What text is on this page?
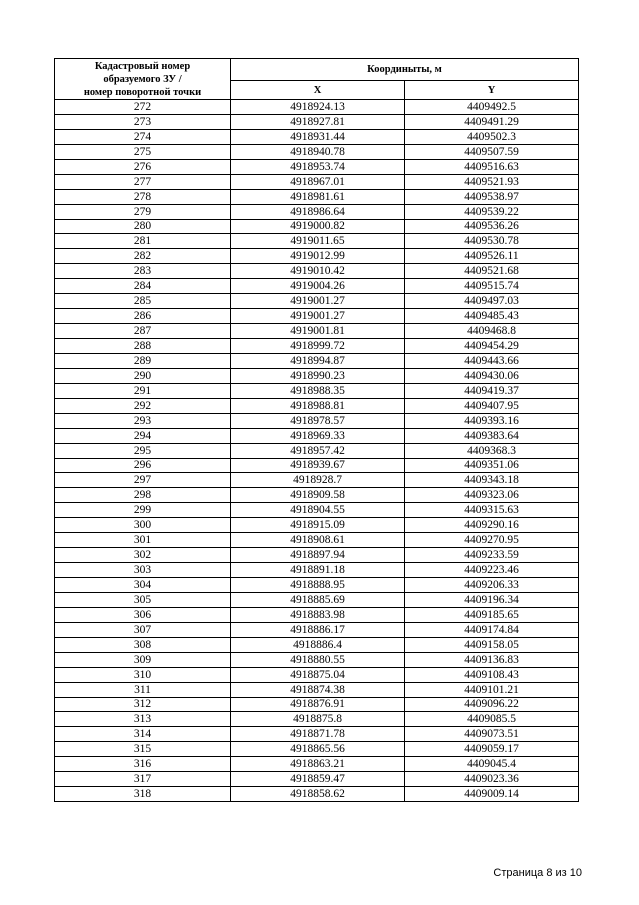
Кадастровый номер
образуемого ЗУ /
номер поворотной точки	Координыты, м	
	X	Y
272	4918924.13	4409492.5
273	4918927.81	4409491.29
274	4918931.44	4409502.3
275	4918940.78	4409507.59
276	4918953.74	4409516.63
277	4918967.01	4409521.93
278	4918981.61	4409538.97
279	4918986.64	4409539.22
280	4919000.82	4409536.26
281	4919011.65	4409530.78
282	4919012.99	4409526.11
283	4919010.42	4409521.68
284	4919004.26	4409515.74
285	4919001.27	4409497.03
286	4919001.27	4409485.43
287	4919001.81	4409468.8
288	4918999.72	4409454.29
289	4918994.87	4409443.66
290	4918990.23	4409430.06
291	4918988.35	4409419.37
292	4918988.81	4409407.95
293	4918978.57	4409393.16
294	4918969.33	4409383.64
295	4918957.42	4409368.3
296	4918939.67	4409351.06
297	4918928.7	4409343.18
298	4918909.58	4409323.06
299	4918904.55	4409315.63
300	4918915.09	4409290.16
301	4918908.61	4409270.95
302	4918897.94	4409233.59
303	4918891.18	4409223.46
304	4918888.95	4409206.33
305	4918885.69	4409196.34
306	4918883.98	4409185.65
307	4918886.17	4409174.84
308	4918886.4	4409158.05
309	4918880.55	4409136.83
310	4918875.04	4409108.43
311	4918874.38	4409101.21
312	4918876.91	4409096.22
313	4918875.8	4409085.5
314	4918871.78	4409073.51
315	4918865.56	4409059.17
316	4918863.21	4409045.4
317	4918859.47	4409023.36
318	4918858.62	4409009.14
Страница 8 из 10
